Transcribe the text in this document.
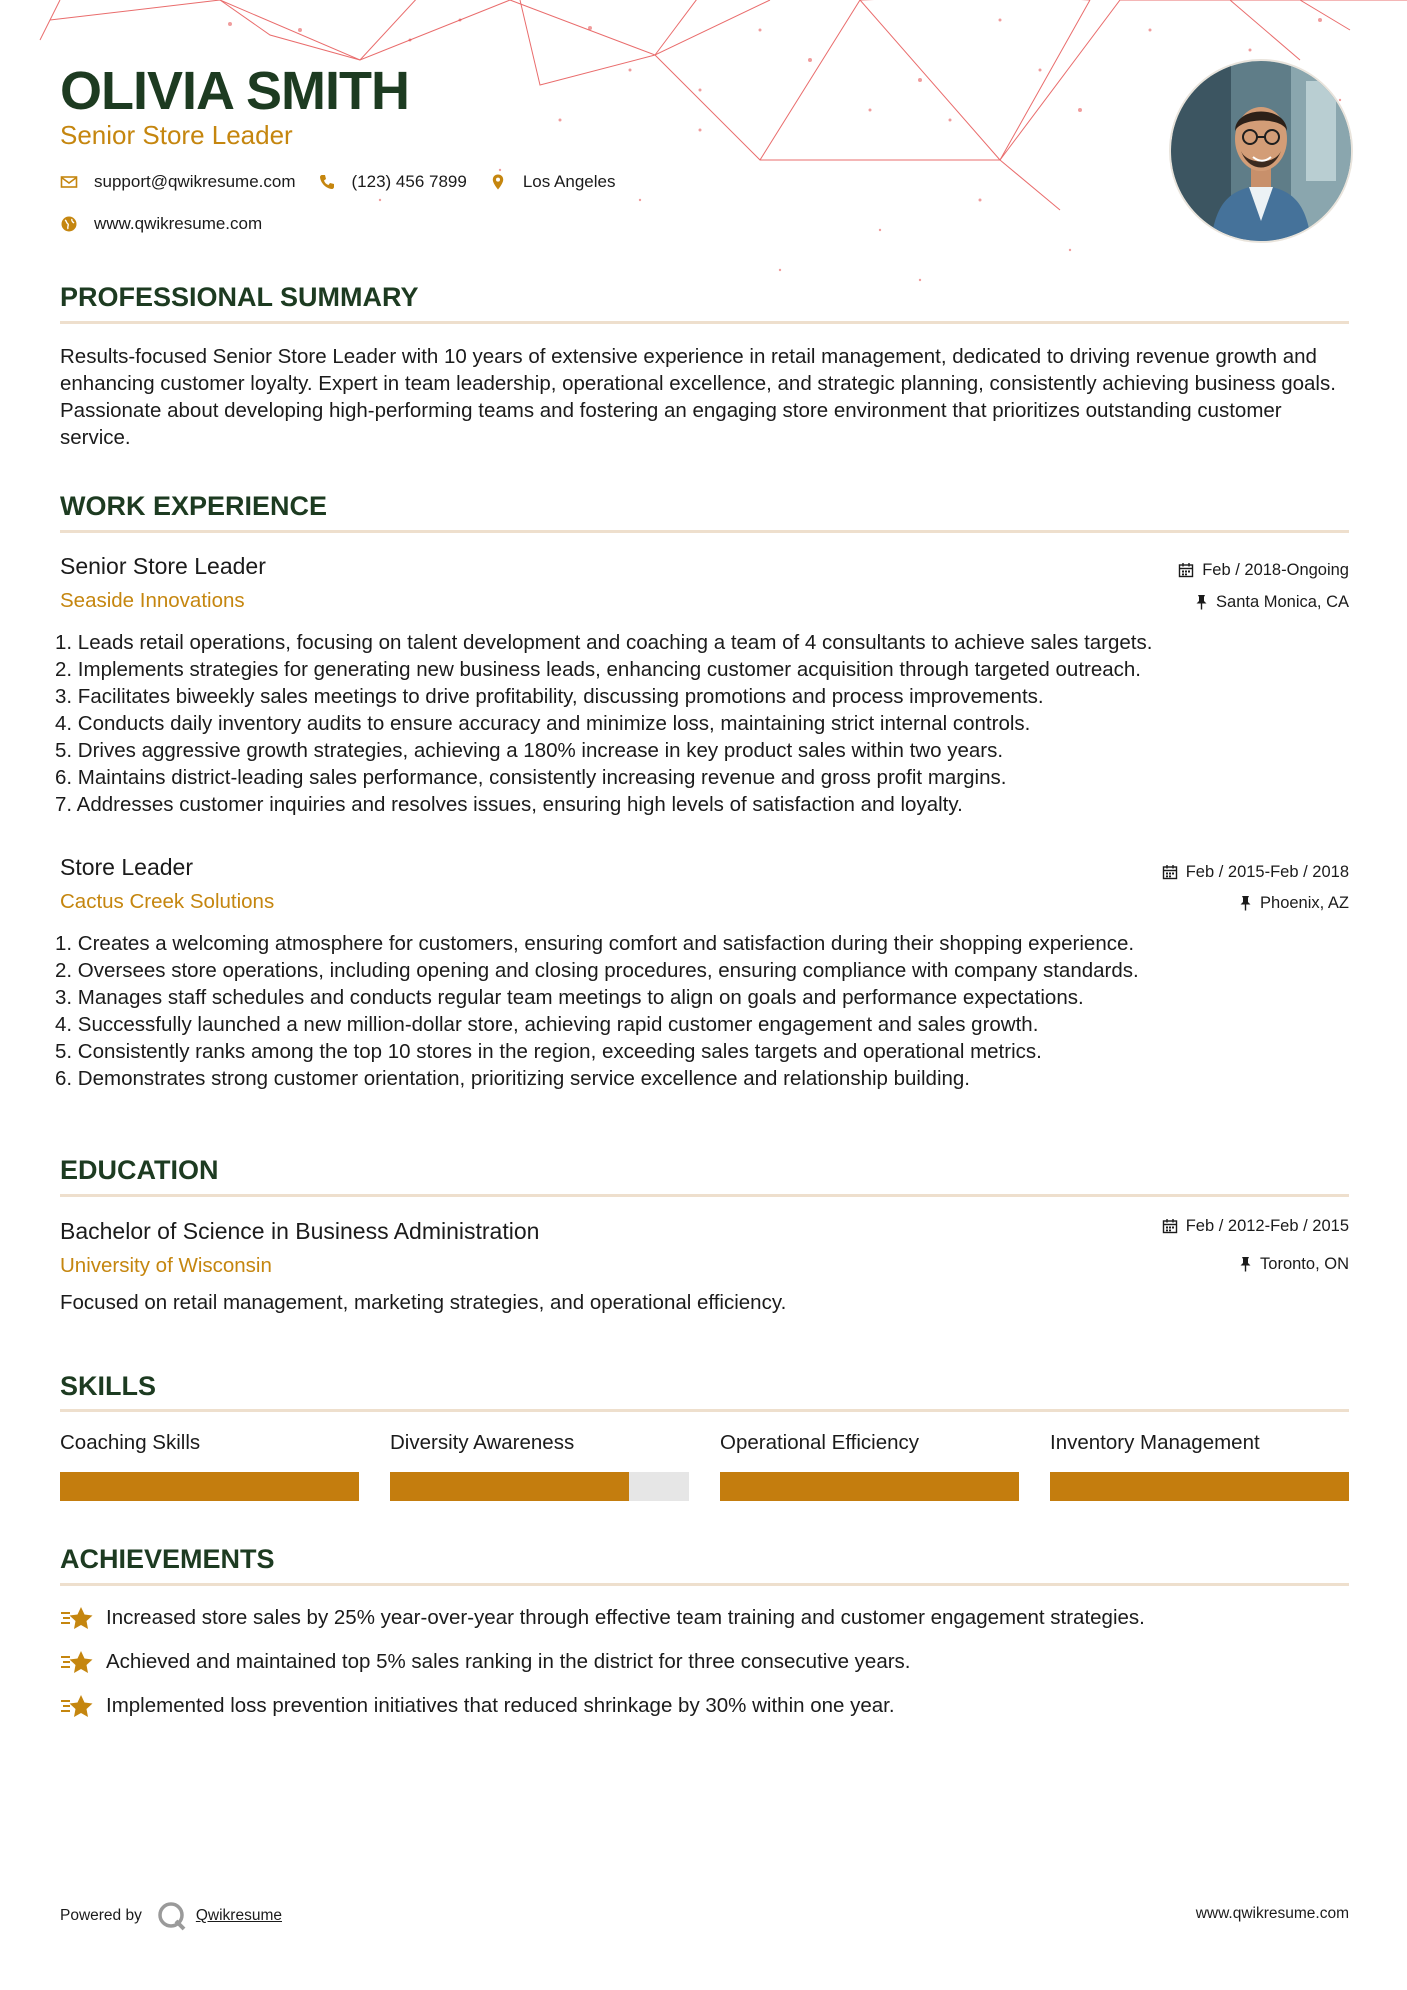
OLIVIA SMITH
Senior Store Leader
support@qwikresume.com	(123) 456 7899	Los Angeles
www.qwikresume.com
PROFESSIONAL SUMMARY

Results-focused Senior Store Leader with 10 years of extensive experience in retail management, dedicated to driving revenue growth and enhancing customer loyalty. Expert in team leadership, operational excellence, and strategic planning, consistently achieving business goals. Passionate about developing high-performing teams and fostering an engaging store environment that prioritizes outstanding customer service.

WORK EXPERIENCE
Senior Store Leader
Seaside Innovations
Feb / 2018-Ongoing
Santa Monica, CA
1. Leads retail operations, focusing on talent development and coaching a team of 4 consultants to achieve sales targets.
2. Implements strategies for generating new business leads, enhancing customer acquisition through targeted outreach.
3. Facilitates biweekly sales meetings to drive profitability, discussing promotions and process improvements.
4. Conducts daily inventory audits to ensure accuracy and minimize loss, maintaining strict internal controls.
5. Drives aggressive growth strategies, achieving a 180% increase in key product sales within two years.
6. Maintains district-leading sales performance, consistently increasing revenue and gross profit margins.
7. Addresses customer inquiries and resolves issues, ensuring high levels of satisfaction and loyalty.
Store Leader
Cactus Creek Solutions
Feb / 2015-Feb / 2018
Phoenix, AZ
1. Creates a welcoming atmosphere for customers, ensuring comfort and satisfaction during their shopping experience.
2. Oversees store operations, including opening and closing procedures, ensuring compliance with company standards.
3. Manages staff schedules and conducts regular team meetings to align on goals and performance expectations.
4. Successfully launched a new million-dollar store, achieving rapid customer engagement and sales growth.
5. Consistently ranks among the top 10 stores in the region, exceeding sales targets and operational metrics.
6. Demonstrates strong customer orientation, prioritizing service excellence and relationship building.
EDUCATION
Bachelor of Science in Business Administration
University of Wisconsin
Feb / 2012-Feb / 2015
Toronto, ON

Focused on retail management, marketing strategies, and operational efficiency.

SKILLS
Coaching Skills	Diversity Awareness	Operational Efficiency	Inventory Management
ACHIEVEMENTS
Increased store sales by 25% year-over-year through effective team training and customer engagement strategies.
Achieved and maintained top 5% sales ranking in the district for three consecutive years.
Implemented loss prevention initiatives that reduced shrinkage by 30% within one year.
Powered by	Qwikresume	www.qwikresume.com
